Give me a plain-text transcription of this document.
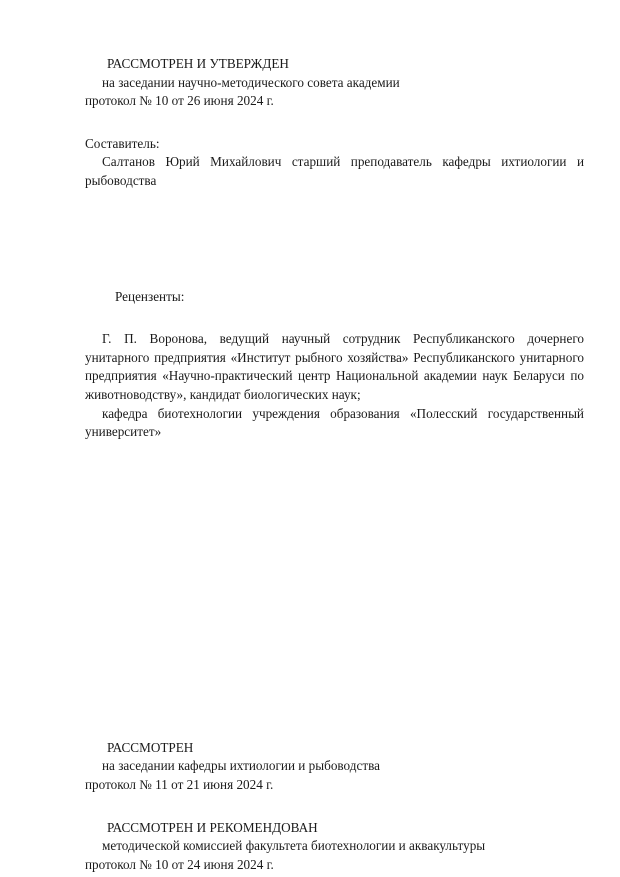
РАССМОТРЕН И УТВЕРЖДЕН

на заседании научно-методического совета академии

протокол № 10 от 26 июня 2024 г.

Составитель:

Салтанов Юрий Михайлович старший преподаватель кафедры ихтиологии и рыбоводства

Рецензенты:

Г. П. Воронова, ведущий научный сотрудник Республиканского дочернего унитарного предприятия «Институт рыбного хозяйства» Республиканского унитарного предприятия «Научно-практический центр Национальной академии наук Беларуси по животноводству», кандидат биологических наук;

кафедра биотехнологии учреждения образования «Полесский государственный университет»

РАССМОТРЕН

на заседании кафедры ихтиологии и рыбоводства

протокол № 11 от 21 июня 2024 г.

РАССМОТРЕН И РЕКОМЕНДОВАН

методической комиссией факультета биотехнологии и аквакультуры

протокол № 10 от 24 июня 2024 г.
